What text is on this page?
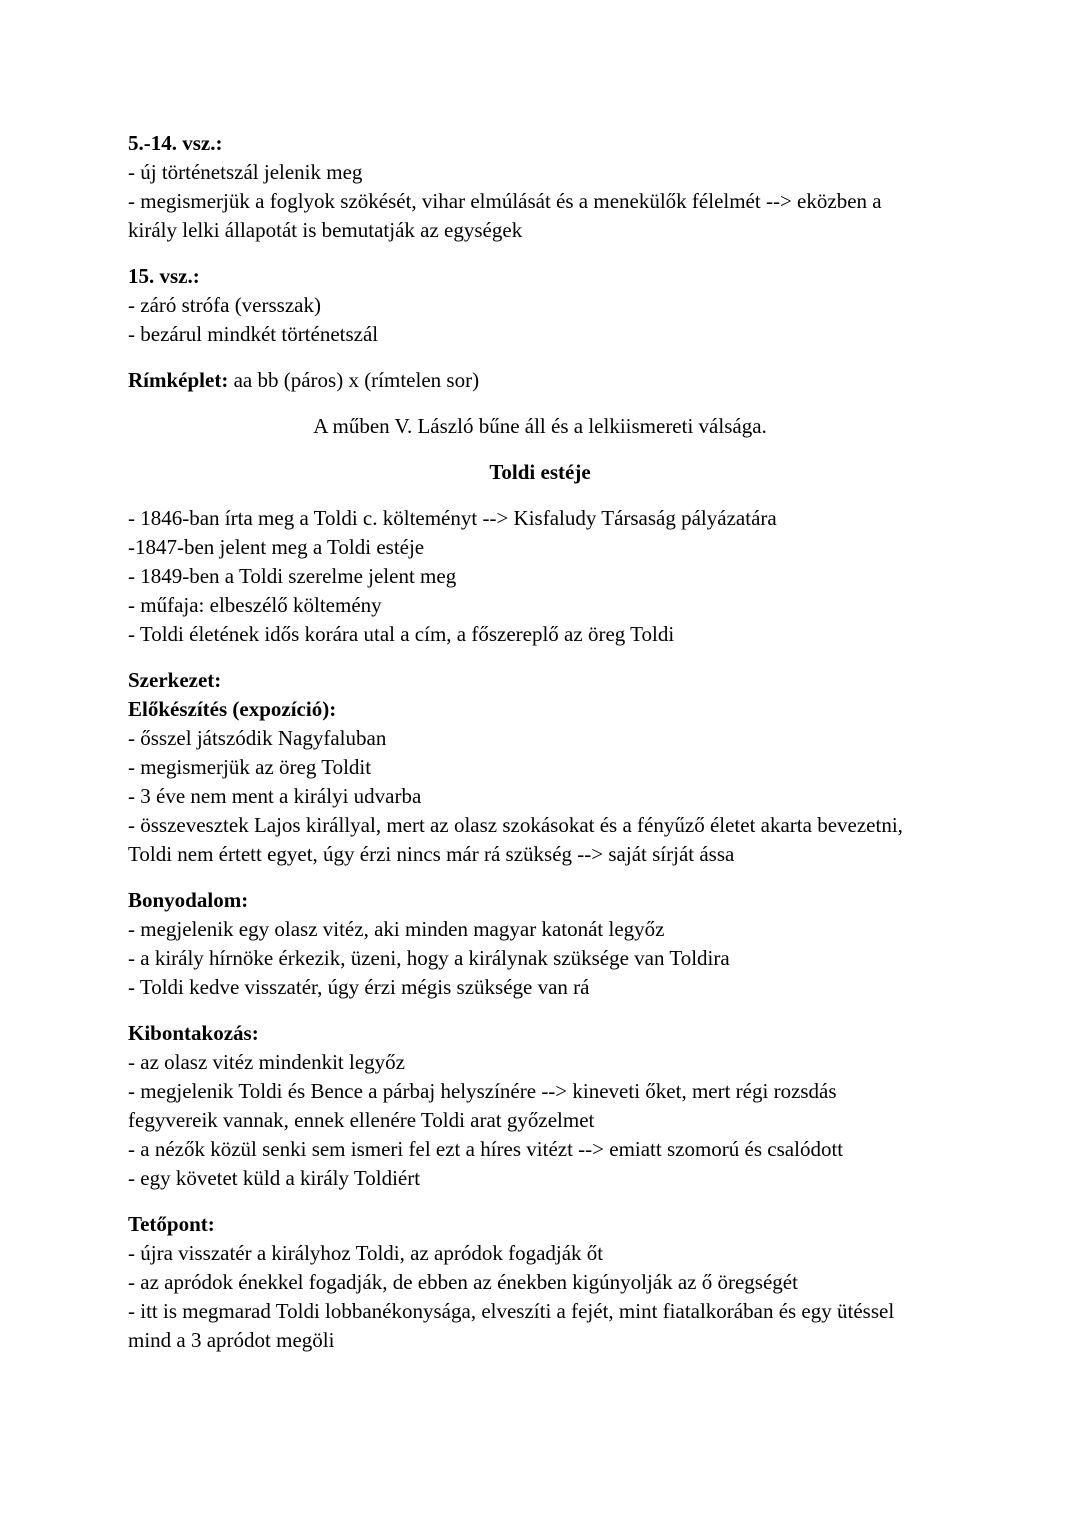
5.-14. vsz.:
- új történetszál jelenik meg
- megismerjük a foglyok szökését, vihar elmúlását és a menekülők félelmét --> eközben a
király lelki állapotát is bemutatják az egységek
15. vsz.:
- záró strófa (versszak)
- bezárul mindkét történetszál
Rímképlet: aa bb (páros) x (rímtelen sor)
A műben V. László bűne áll és a lelkiismereti válsága.
Toldi estéje
- 1846-ban írta meg a Toldi c. költeményt --> Kisfaludy Társaság pályázatára
-1847-ben jelent meg a Toldi estéje
- 1849-ben a Toldi szerelme jelent meg
- műfaja: elbeszélő költemény
- Toldi életének idős korára utal a cím, a főszereplő az öreg Toldi
Szerkezet:
Előkészítés (expozíció):
- ősszel játszódik Nagyfaluban
- megismerjük az öreg Toldit
- 3 éve nem ment a királyi udvarba
- összevesztek Lajos királlyal, mert az olasz szokásokat és a fényűző életet akarta bevezetni,
Toldi nem értett egyet, úgy érzi nincs már rá szükség --> saját sírját ássa
Bonyodalom:
- megjelenik egy olasz vitéz, aki minden magyar katonát legyőz
- a király hírnöke érkezik, üzeni, hogy a királynak szüksége van Toldira
- Toldi kedve visszatér, úgy érzi mégis szüksége van rá
Kibontakozás:
- az olasz vitéz mindenkit legyőz
- megjelenik Toldi és Bence a párbaj helyszínére --> kineveti őket, mert régi rozsdás
fegyvereik vannak, ennek ellenére Toldi arat győzelmet
- a nézők közül senki sem ismeri fel ezt a híres vitézt --> emiatt szomorú és csalódott
- egy követet küld a király Toldiért
Tetőpont:
- újra visszatér a királyhoz Toldi, az apródok fogadják őt
- az apródok énekkel fogadják, de ebben az énekben kigúnyolják az ő öregségét
- itt is megmarad Toldi lobbanékonysága, elveszíti a fejét, mint fiatalkorában és egy ütéssel
mind a 3 apródot megöli
